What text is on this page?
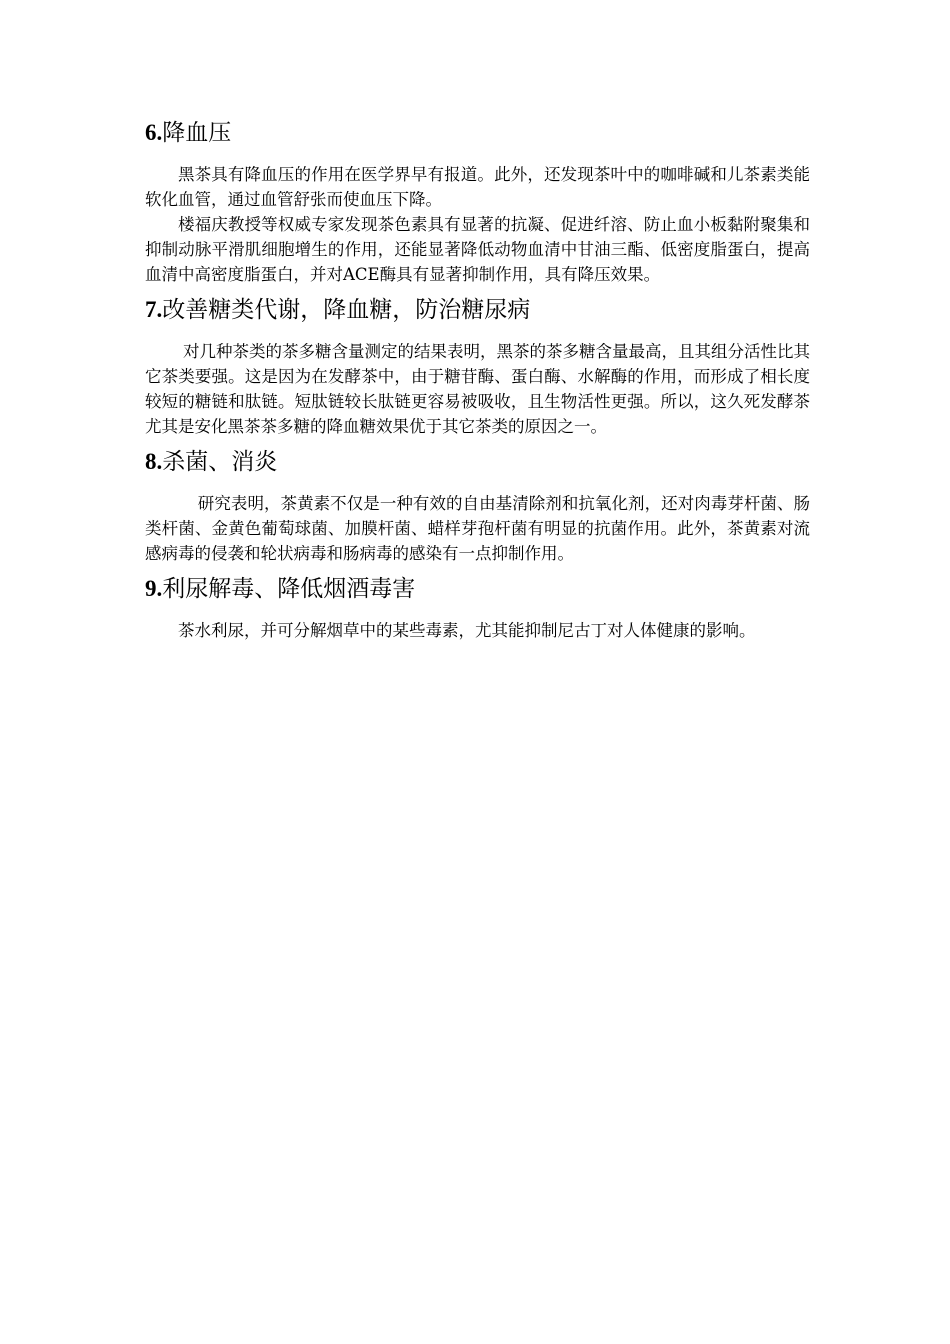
6.降血压

黑茶具有降血压的作用在医学界早有报道。此外，还发现茶叶中的咖啡碱和儿茶素类能软化血管，通过血管舒张而使血压下降。

楼福庆教授等权威专家发现茶色素具有显著的抗凝、促进纤溶、防止血小板黏附聚集和抑制动脉平滑肌细胞增生的作用，还能显著降低动物血清中甘油三酯、低密度脂蛋白，提高血清中高密度脂蛋白，并对ACE酶具有显著抑制作用，具有降压效果。

7.改善糖类代谢，降血糖，防治糖尿病

对几种茶类的茶多糖含量测定的结果表明，黑茶的茶多糖含量最高，且其组分活性比其它茶类要强。这是因为在发酵茶中，由于糖苷酶、蛋白酶、水解酶的作用，而形成了相长度较短的糖链和肽链。短肽链较长肽链更容易被吸收，且生物活性更强。所以，这久死发酵茶尤其是安化黑茶茶多糖的降血糖效果优于其它茶类的原因之一。

8.杀菌、消炎

研究表明，茶黄素不仅是一种有效的自由基清除剂和抗氧化剂，还对肉毒芽杆菌、肠类杆菌、金黄色葡萄球菌、加膜杆菌、蜡样芽孢杆菌有明显的抗菌作用。此外，茶黄素对流感病毒的侵袭和轮状病毒和肠病毒的感染有一点抑制作用。

9.利尿解毒、降低烟酒毒害

茶水利尿，并可分解烟草中的某些毒素，尤其能抑制尼古丁对人体健康的影响。
